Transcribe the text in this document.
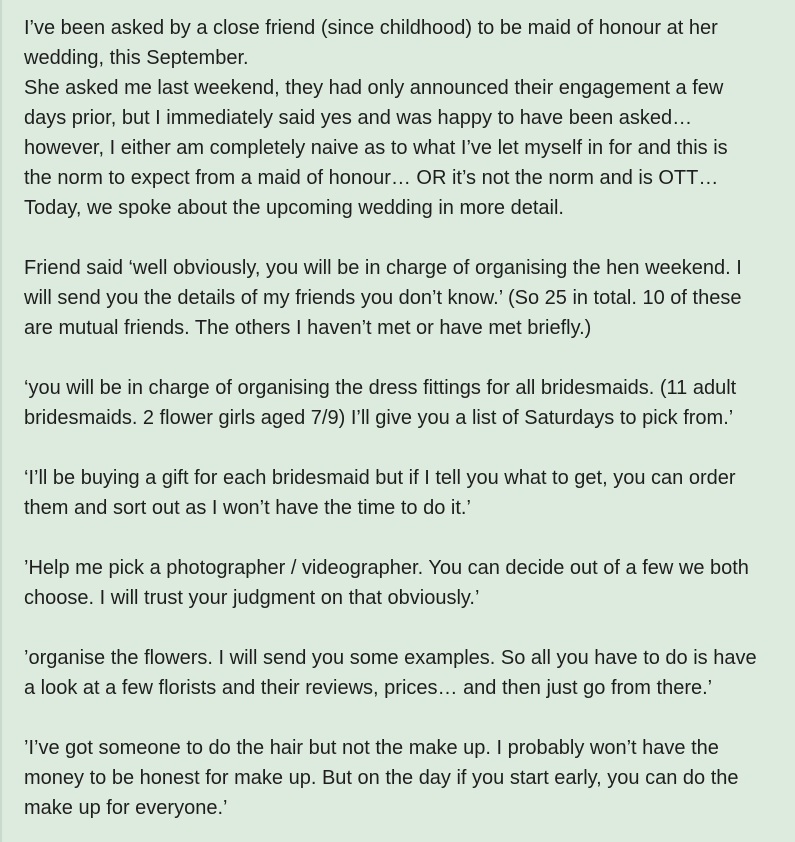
I’ve been asked by a close friend (since childhood) to be maid of honour at her
wedding, this September.
She asked me last weekend, they had only announced their engagement a few
days prior, but I immediately said yes and was happy to have been asked…
however, I either am completely naive as to what I’ve let myself in for and this is
the norm to expect from a maid of honour… OR it’s not the norm and is OTT…
Today, we spoke about the upcoming wedding in more detail.

Friend said ‘well obviously, you will be in charge of organising the hen weekend. I
will send you the details of my friends you don’t know.’ (So 25 in total. 10 of these
are mutual friends. The others I haven’t met or have met briefly.)

‘you will be in charge of organising the dress fittings for all bridesmaids. (11 adult
bridesmaids. 2 flower girls aged 7/9) I’ll give you a list of Saturdays to pick from.’

‘I’ll be buying a gift for each bridesmaid but if I tell you what to get, you can order
them and sort out as I won’t have the time to do it.’

’Help me pick a photographer / videographer. You can decide out of a few we both
choose. I will trust your judgment on that obviously.’

’organise the flowers. I will send you some examples. So all you have to do is have
a look at a few florists and their reviews, prices… and then just go from there.’

’I’ve got someone to do the hair but not the make up. I probably won’t have the
money to be honest for make up. But on the day if you start early, you can do the
make up for everyone.’
